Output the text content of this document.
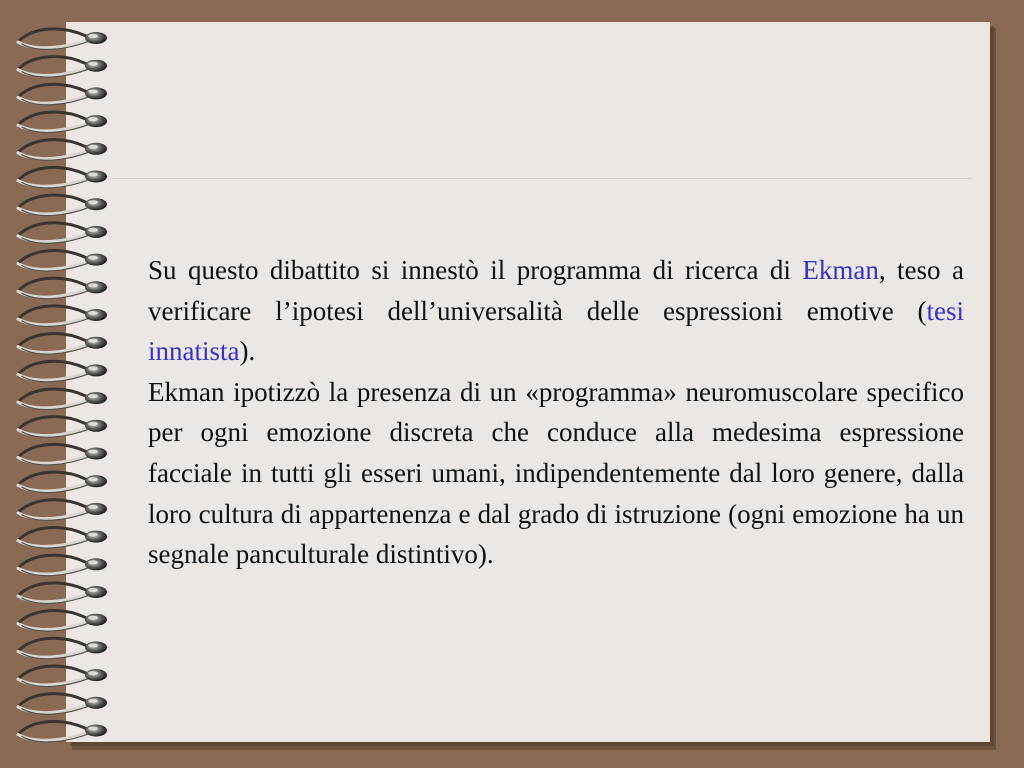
Su questo dibattito si innestò il programma di ricerca di Ekman, teso a verificare l’ipotesi dell’universalità delle espressioni emotive (tesi innatista).

Ekman ipotizzò la presenza di un «programma» neuromuscolare specifico per ogni emozione discreta che conduce alla medesima espressione facciale in tutti gli esseri umani, indipendentemente dal loro genere, dalla loro cultura di appartenenza e dal grado di istruzione (ogni emozione ha un segnale panculturale distintivo).
